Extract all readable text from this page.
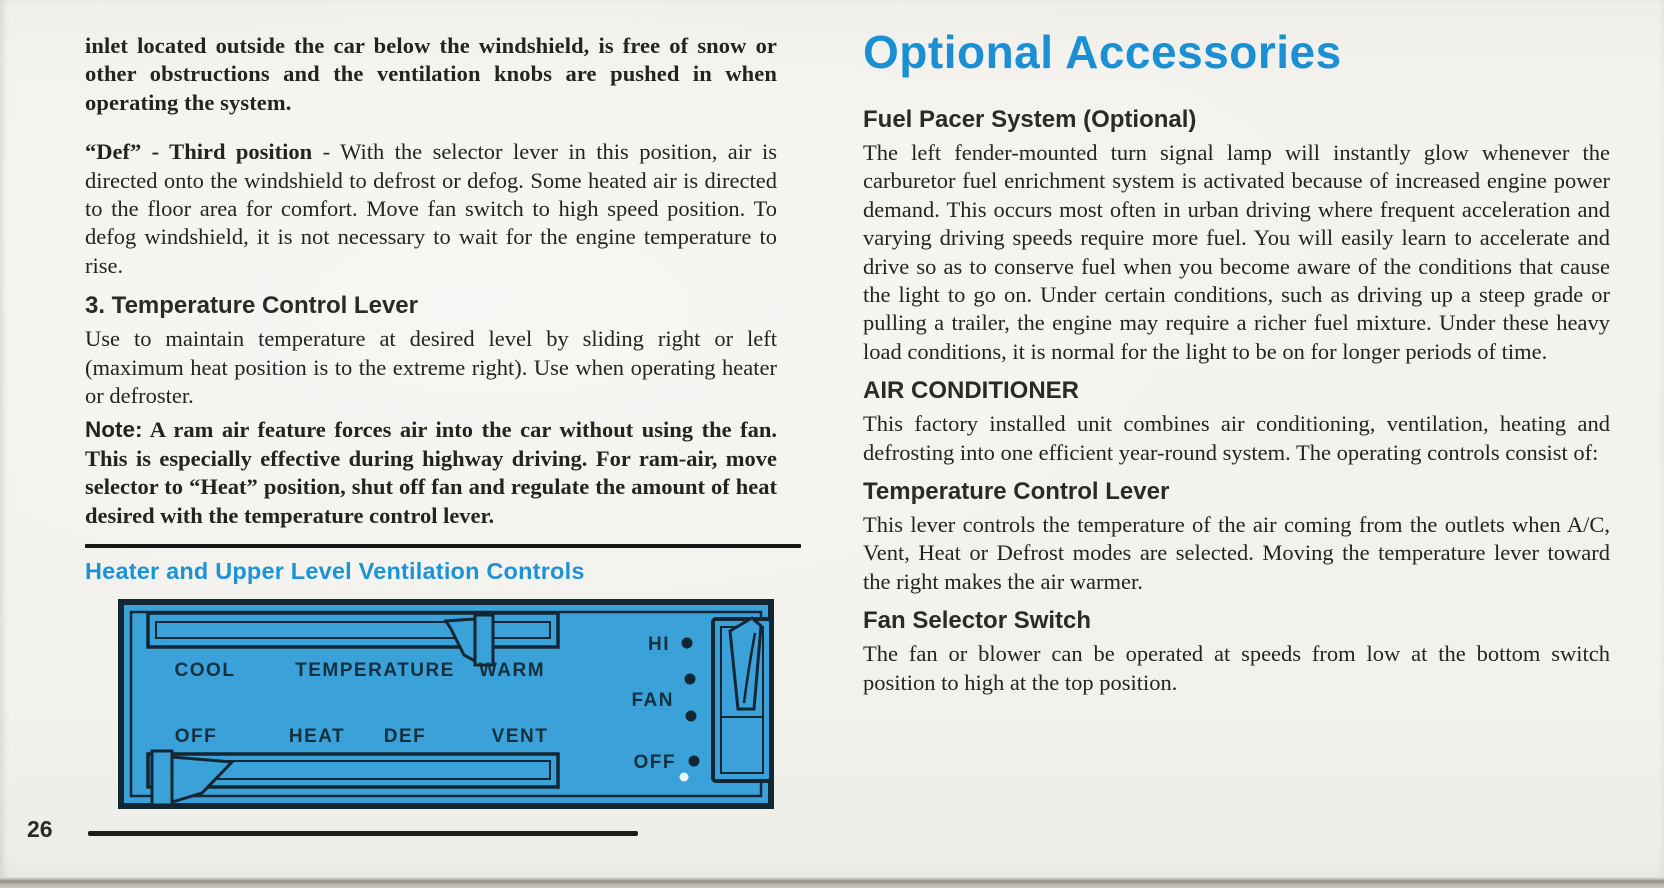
inlet located outside the car below the windshield, is free of snow or other obstructions and the ventilation knobs are pushed in when operating the system.

“Def” - Third position - With the selector lever in this position, air is directed onto the windshield to defrost or defog. Some heated air is directed to the floor area for comfort. Move fan switch to high speed position. To defog windshield, it is not necessary to wait for the engine temperature to rise.

3. Temperature Control Lever

Use to maintain temperature at desired level by sliding right or left (maximum heat position is to the extreme right). Use when operating heater or defroster.

Note: A ram air feature forces air into the car without using the fan. This is especially effective during highway driving. For ram-air, move selector to “Heat” position, shut off fan and regulate the amount of heat desired with the temperature control lever.

Heater and Upper Level Ventilation Controls
COOL	TEMPERATURE WARM
OFF	HEAT DEF	VENT
HI
FAN
OFF
Optional Accessories
Fuel Pacer System (Optional)

The left fender-mounted turn signal lamp will instantly glow whenever the carburetor fuel enrichment system is activated because of increased engine power demand. This occurs most often in urban driving where frequent acceleration and varying driving speeds require more fuel. You will easily learn to accelerate and drive so as to conserve fuel when you become aware of the conditions that cause the light to go on. Under certain conditions, such as driving up a steep grade or pulling a trailer, the engine may require a richer fuel mixture. Under these heavy load conditions, it is normal for the light to be on for longer periods of time.

AIR CONDITIONER

This factory installed unit combines air conditioning, ventilation, heating and defrosting into one efficient year-round system. The operating controls consist of:

Temperature Control Lever

This lever controls the temperature of the air coming from the outlets when A/C, Vent, Heat or Defrost modes are selected. Moving the temperature lever toward the right makes the air warmer.

Fan Selector Switch

The fan or blower can be operated at speeds from low at the bottom switch position to high at the top position.

26
